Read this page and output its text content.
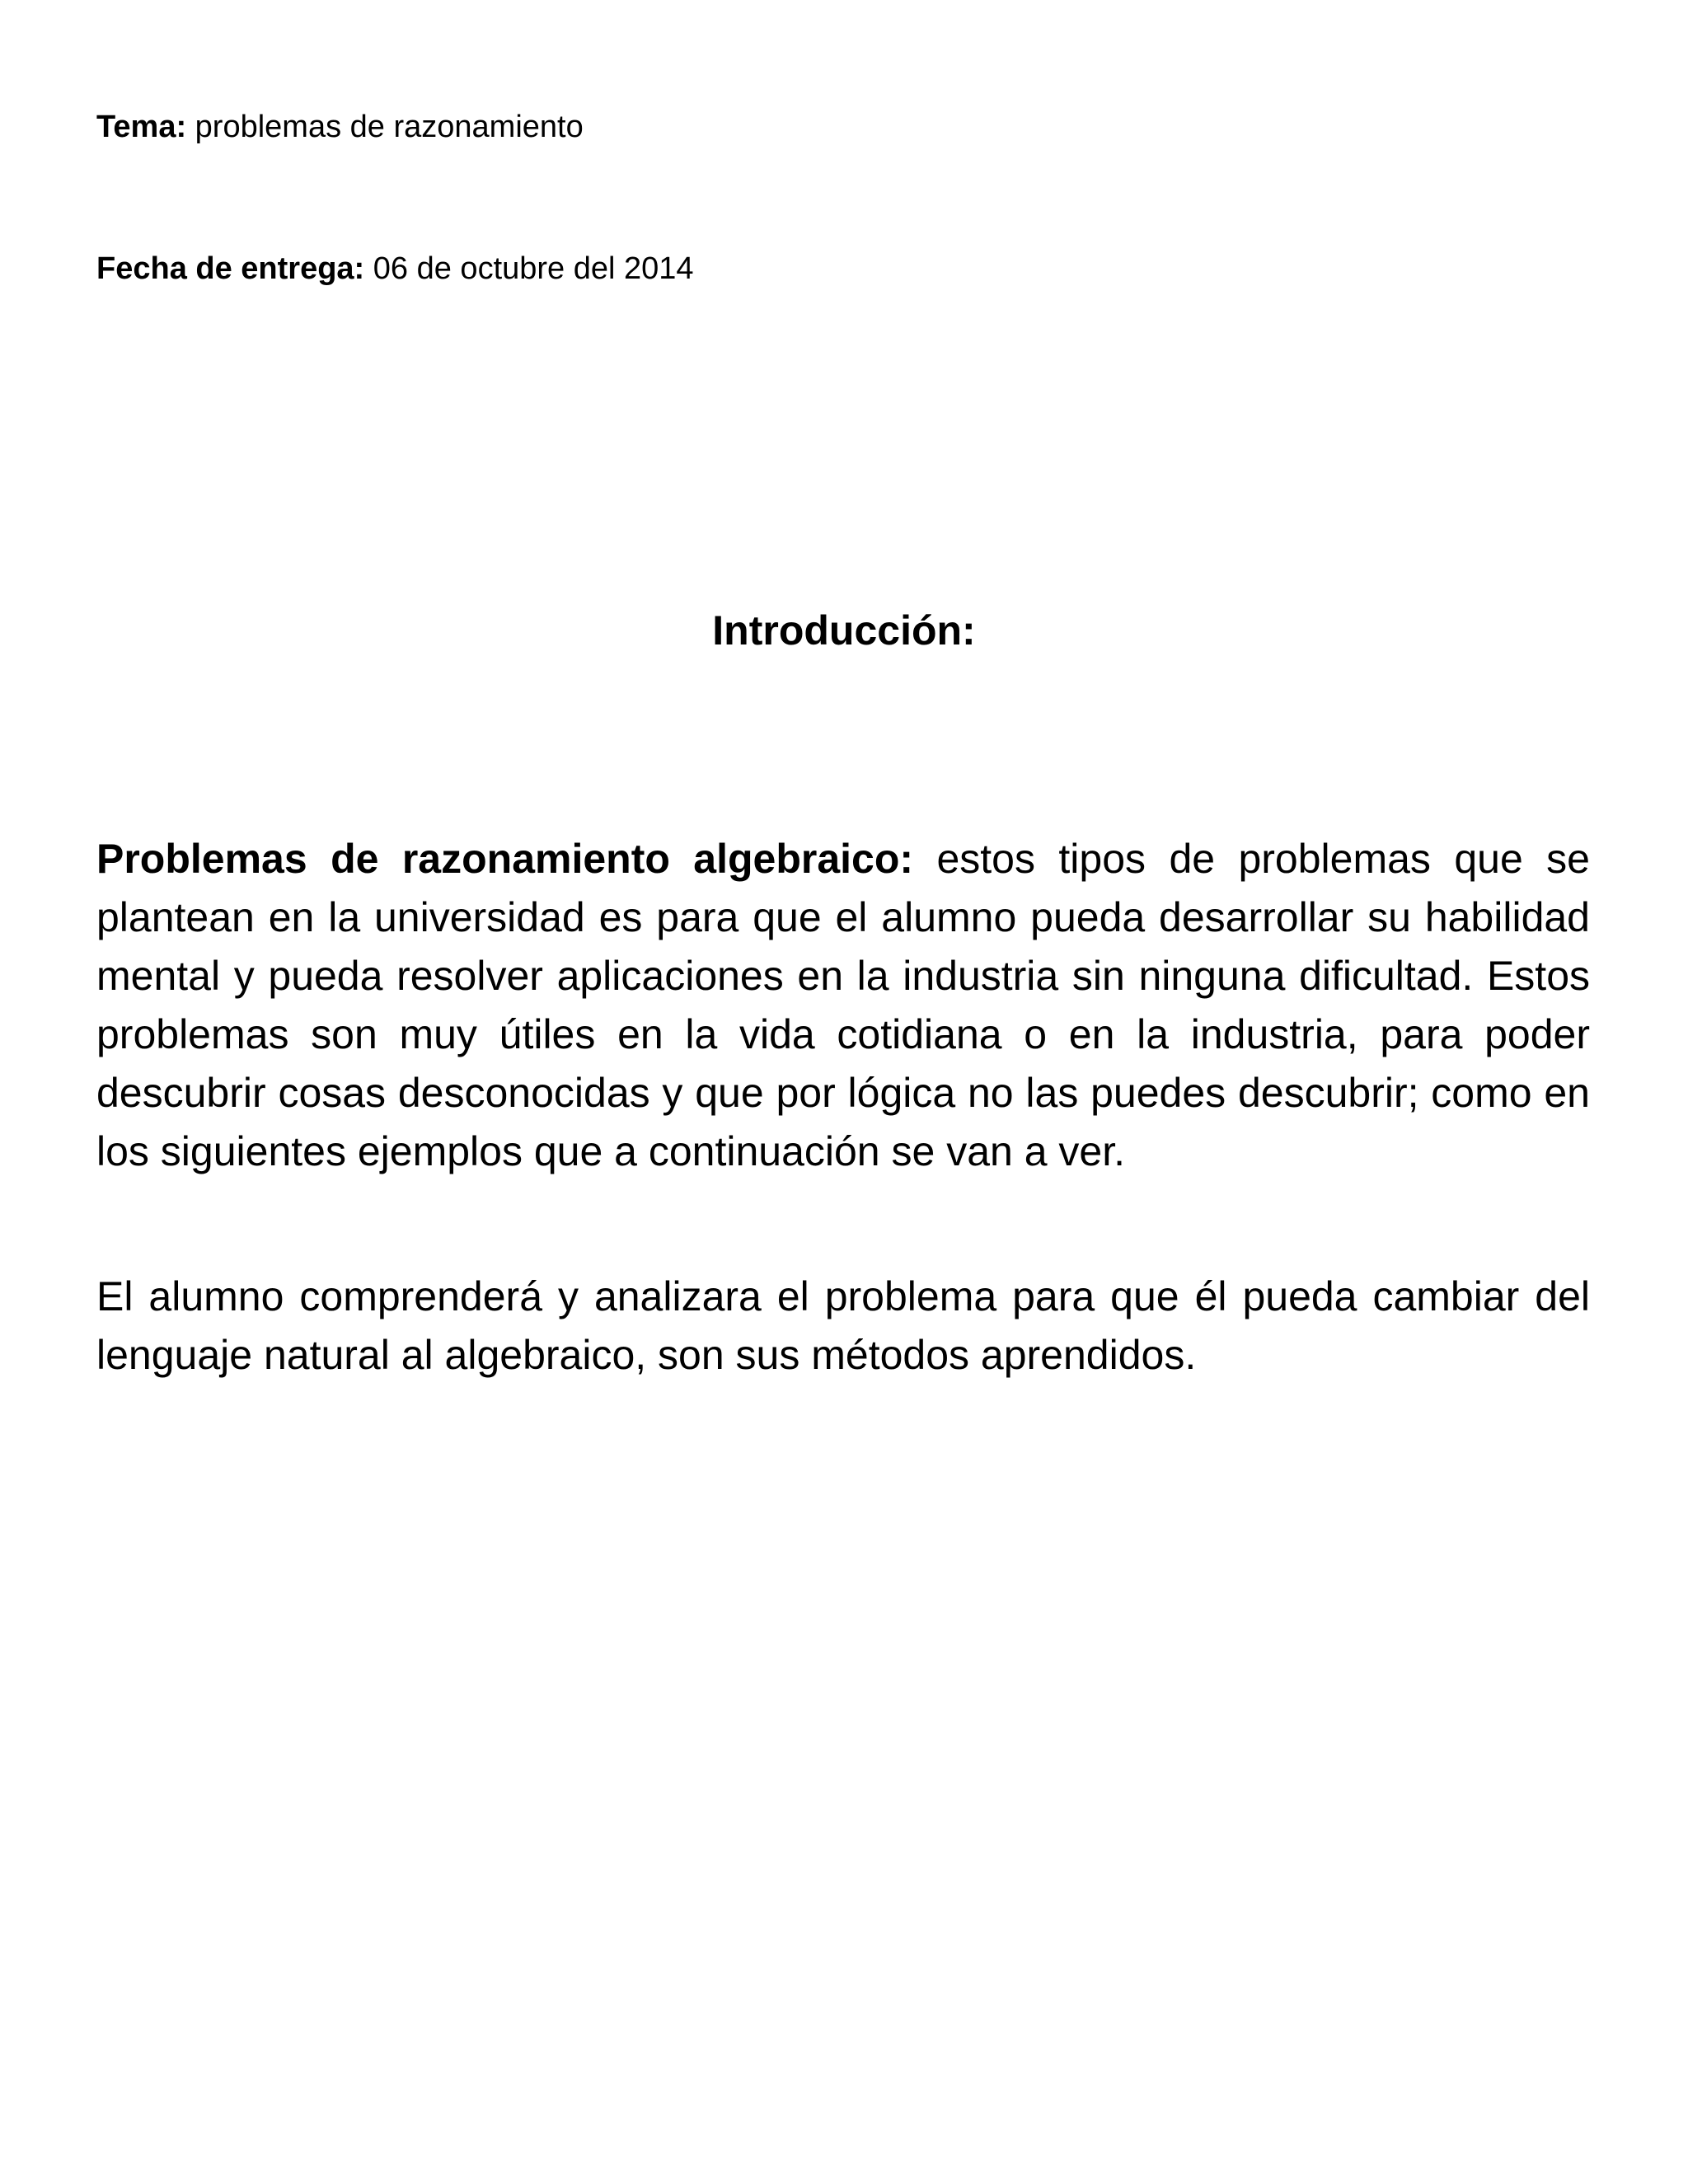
Tema: problemas de razonamiento
Fecha de entrega: 06 de octubre del 2014
Introducción:

Problemas de razonamiento algebraico: estos tipos de problemas que se plantean en la universidad es para que el alumno pueda desarrollar su habilidad mental y pueda resolver aplicaciones en la industria sin ninguna dificultad. Estos problemas son muy útiles en la vida cotidiana o en la industria, para poder descubrir cosas desconocidas y que por lógica no las puedes descubrir; como en los siguientes ejemplos que a continuación se van a ver.

El alumno comprenderá y analizara el problema para que él pueda cambiar del lenguaje natural al algebraico, son sus métodos aprendidos.
